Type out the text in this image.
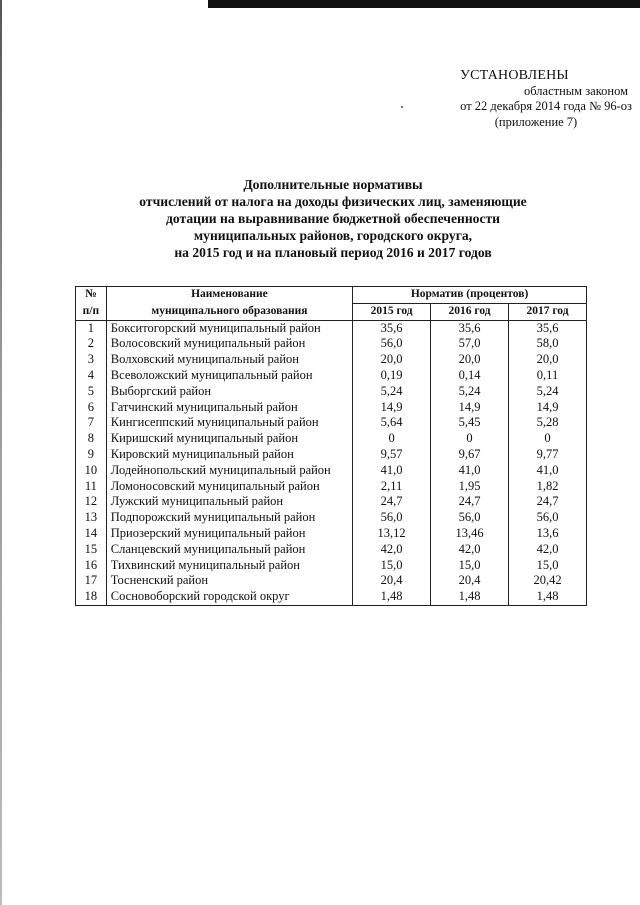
УСТАНОВЛЕНЫ
областным законом
от 22 декабря 2014 года № 96-оз
(приложение 7)
Дополнительные нормативы
отчислений от налога на доходы физических лиц, заменяющие
дотации на выравнивание бюджетной обеспеченности
муниципальных районов, городского округа,
на 2015 год и на плановый период 2016 и 2017 годов
№	Наименование	Норматив (процентов)		
п/п	муниципального образования	2015 год	2016 год	2017 год
1	Бокситогорский муниципальный район	35,6	35,6	35,6
2	Волосовский муниципальный район	56,0	57,0	58,0
3	Волховский муниципальный район	20,0	20,0	20,0
4	Всеволожский муниципальный район	0,19	0,14	0,11
5	Выборгский район	5,24	5,24	5,24
6	Гатчинский муниципальный район	14,9	14,9	14,9
7	Кингисеппский муниципальный район	5,64	5,45	5,28
8	Киришский муниципальный район	0	0	0
9	Кировский муниципальный район	9,57	9,67	9,77
10	Лодейнопольский муниципальный район	41,0	41,0	41,0
11	Ломоносовский муниципальный район	2,11	1,95	1,82
12	Лужский муниципальный район	24,7	24,7	24,7
13	Подпорожский муниципальный район	56,0	56,0	56,0
14	Приозерский муниципальный район	13,12	13,46	13,6
15	Сланцевский муниципальный район	42,0	42,0	42,0
16	Тихвинский муниципальный район	15,0	15,0	15,0
17	Тосненский район	20,4	20,4	20,42
18	Сосновоборский городской округ	1,48	1,48	1,48
